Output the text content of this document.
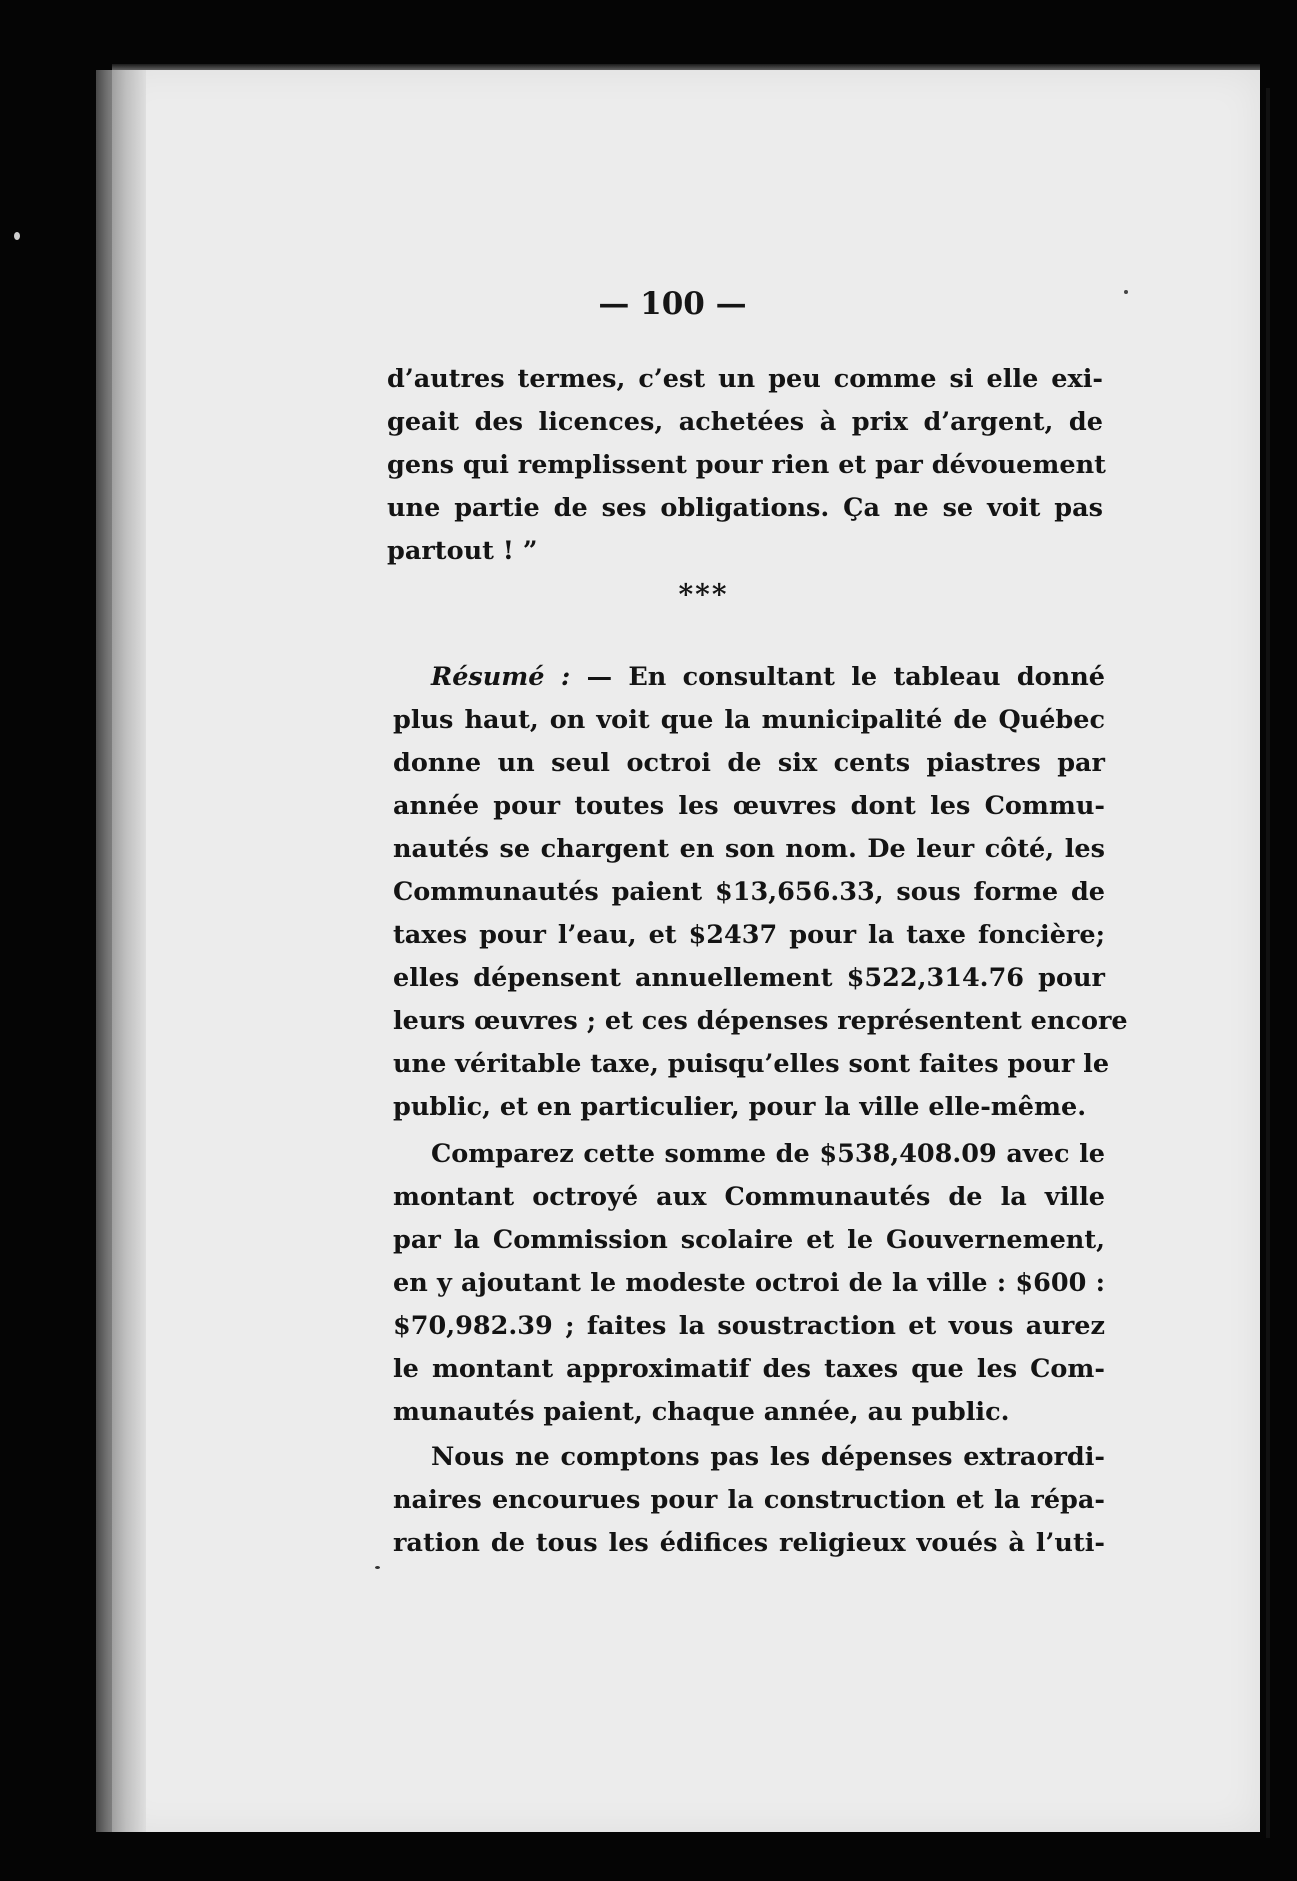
— 100 —
d’autres termes, c’est un peu comme si elle exi-
geait des licences, achetées à prix d’argent, de
gens qui remplissent pour rien et par dévouement
une partie de ses obligations. Ça ne se voit pas
partout ! ”
***
Résumé : — En consultant le tableau donné
plus haut, on voit que la municipalité de Québec
donne un seul octroi de six cents piastres par
année pour toutes les œuvres dont les Commu-
nautés se chargent en son nom. De leur côté, les
Communautés paient $13,656.33, sous forme de
taxes pour l’eau, et $2437 pour la taxe foncière;
elles dépensent annuellement $522,314.76 pour
leurs œuvres ; et ces dépenses représentent encore
une véritable taxe, puisqu’elles sont faites pour le
public, et en particulier, pour la ville elle-même.
Comparez cette somme de $538,408.09 avec le
montant octroyé aux Communautés de la ville
par la Commission scolaire et le Gouvernement,
en y ajoutant le modeste octroi de la ville : $600 :
$70,982.39 ; faites la soustraction et vous aurez
le montant approximatif des taxes que les Com-
munautés paient, chaque année, au public.
Nous ne comptons pas les dépenses extraordi-
naires encourues pour la construction et la répa-
ration de tous les édifices religieux voués à l’uti-
